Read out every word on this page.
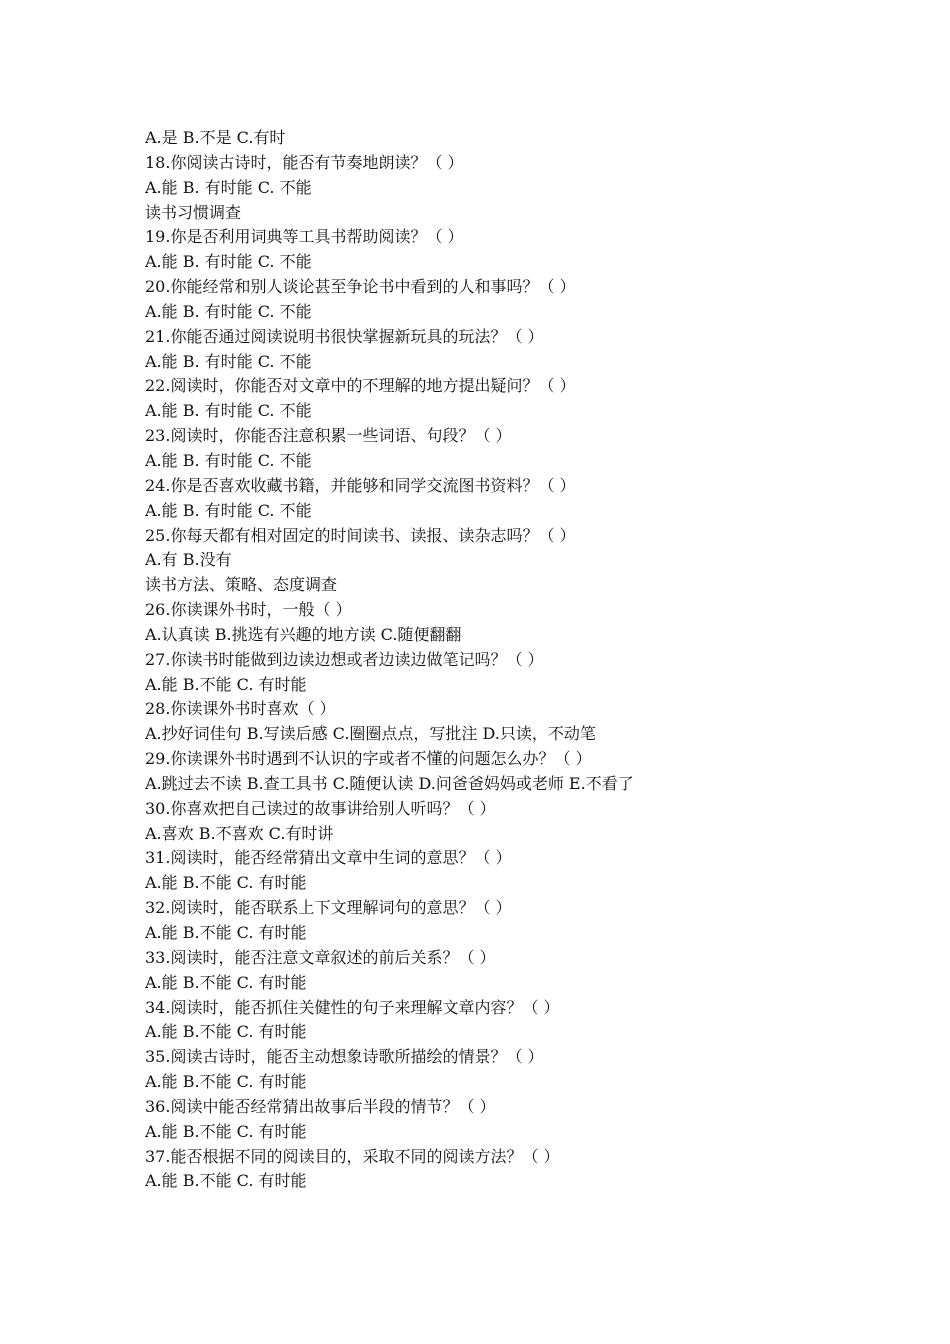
A.是 B.不是 C.有时
18.你阅读古诗时，能否有节奏地朗读？（ ）
A.能 B. 有时能 C. 不能
读书习惯调查
19.你是否利用词典等工具书帮助阅读？（ ）
A.能 B. 有时能 C. 不能
20.你能经常和别人谈论甚至争论书中看到的人和事吗？（ ）
A.能 B. 有时能 C. 不能
21.你能否通过阅读说明书很快掌握新玩具的玩法？（ ）
A.能 B. 有时能 C. 不能
22.阅读时，你能否对文章中的不理解的地方提出疑问？（ ）
A.能 B. 有时能 C. 不能
23.阅读时，你能否注意积累一些词语、句段？（ ）
A.能 B. 有时能 C. 不能
24.你是否喜欢收藏书籍，并能够和同学交流图书资料？（ ）
A.能 B. 有时能 C. 不能
25.你每天都有相对固定的时间读书、读报、读杂志吗？（ ）
A.有 B.没有
读书方法、策略、态度调查
26.你读课外书时，一般（ ）
A.认真读 B.挑选有兴趣的地方读 C.随便翻翻
27.你读书时能做到边读边想或者边读边做笔记吗？（ ）
A.能 B.不能 C. 有时能
28.你读课外书时喜欢（ ）
A.抄好词佳句 B.写读后感 C.圈圈点点，写批注 D.只读，不动笔
29.你读课外书时遇到不认识的字或者不懂的问题怎么办？（ ）
A.跳过去不读 B.查工具书 C.随便认读 D.问爸爸妈妈或老师 E.不看了
30.你喜欢把自己读过的故事讲给别人听吗？（ ）
A.喜欢 B.不喜欢 C.有时讲
31.阅读时，能否经常猜出文章中生词的意思？（ ）
A.能 B.不能 C. 有时能
32.阅读时，能否联系上下文理解词句的意思？（ ）
A.能 B.不能 C. 有时能
33.阅读时，能否注意文章叙述的前后关系？（ ）
A.能 B.不能 C. 有时能
34.阅读时，能否抓住关健性的句子来理解文章内容？（ ）
A.能 B.不能 C. 有时能
35.阅读古诗时，能否主动想象诗歌所描绘的情景？（ ）
A.能 B.不能 C. 有时能
36.阅读中能否经常猜出故事后半段的情节？（ ）
A.能 B.不能 C. 有时能
37.能否根据不同的阅读目的，采取不同的阅读方法？（ ）
A.能 B.不能 C. 有时能
